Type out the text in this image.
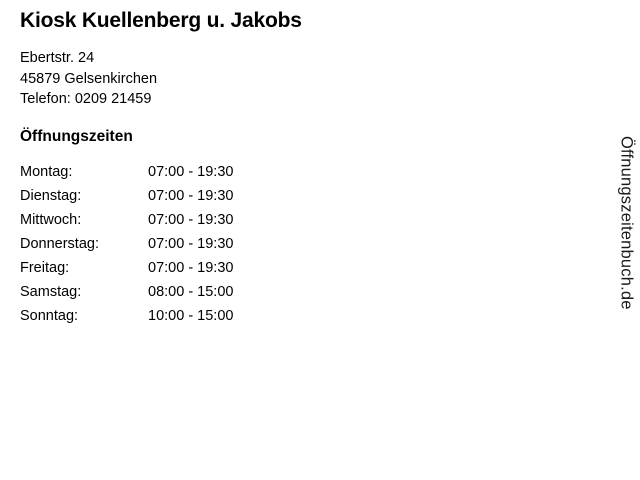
Kiosk Kuellenberg u. Jakobs

Ebertstr. 24

45879 Gelsenkirchen

Telefon: 0209 21459

Öffnungszeiten
Montag:	07:00 - 19:30
Dienstag:	07:00 - 19:30
Mittwoch:	07:00 - 19:30
Donnerstag:	07:00 - 19:30
Freitag:	07:00 - 19:30
Samstag:	08:00 - 15:00
Sonntag:	10:00 - 15:00
Öffnungszeitenbuch.de
